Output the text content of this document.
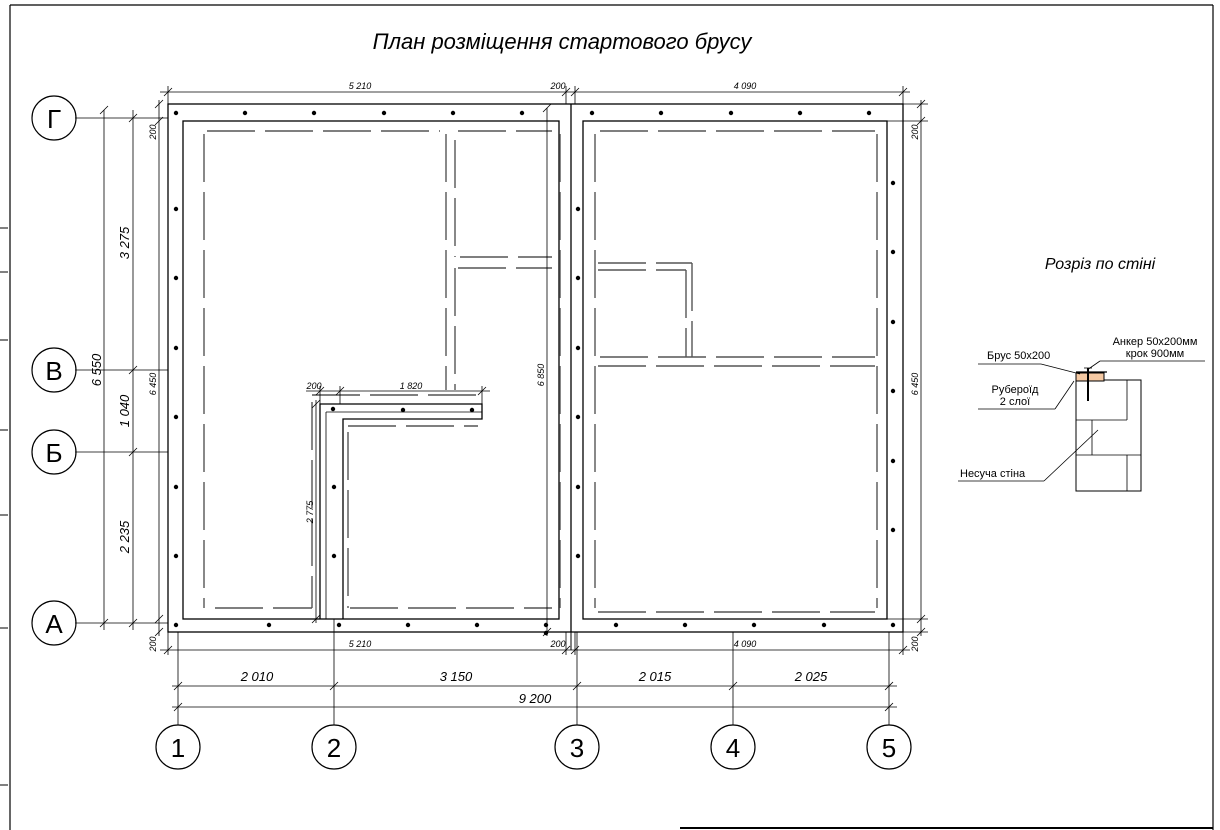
План розміщення стартового брусу
5 210	200	4 090
5 210	200	4 090
2 010	3 150	2 015	2 025
9 200
1	2	3	4	5
Г
В
Б
А
6 550
3 275
1 040
2 235
200
6 450
200
200
6 450
200
6 850
200	1 820
2 775
Розріз по стіні
Брус 50х200
Анкер 50х200мм
крок 900мм
Руберoїд
2 слої
Несуча стіна
